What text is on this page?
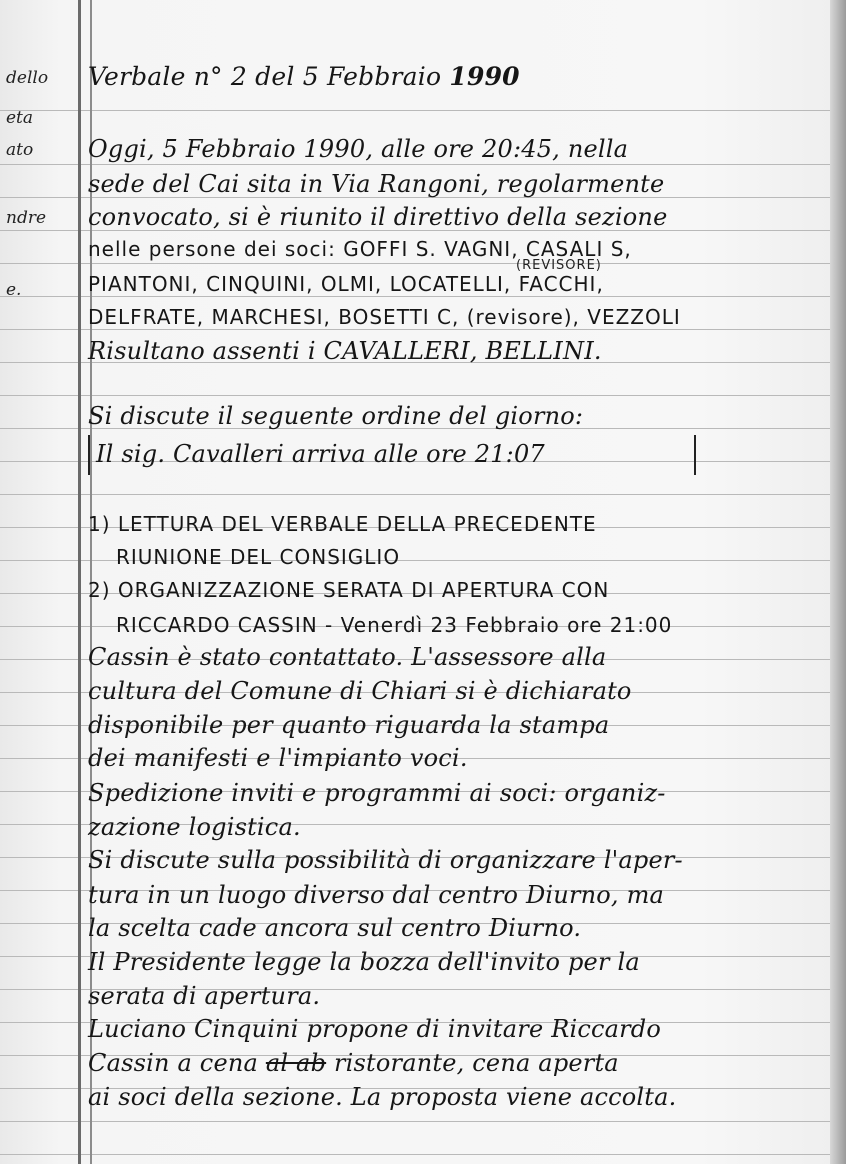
dello
eta
ato
ndre
e.
Verbale n° 2 del 5 Febbraio 1990
Oggi, 5 Febbraio 1990, alle ore 20:45, nella
sede del Cai sita in Via Rangoni, regolarmente
convocato, si è riunito il direttivo della sezione
nelle persone dei soci: GOFFI S. VAGNI, CASALI S,
(REVISORE)
PIANTONI, CINQUINI, OLMI, LOCATELLI, FACCHI,
DELFRATE, MARCHESI, BOSETTI C, (revisore), VEZZOLI
Risultano assenti i CAVALLERI, BELLINI.
Si discute il seguente ordine del giorno:
Il sig. Cavalleri arriva alle ore 21:07
1) LETTURA DEL VERBALE DELLA PRECEDENTE
RIUNIONE DEL CONSIGLIO
2) ORGANIZZAZIONE SERATA DI APERTURA CON
RICCARDO CASSIN - Venerdì 23 Febbraio ore 21:00
Cassin è stato contattato. L'assessore alla
cultura del Comune di Chiari si è dichiarato
disponibile per quanto riguarda la stampa
dei manifesti e l'impianto voci.
Spedizione inviti e programmi ai soci: organiz-
zazione logistica.
Si discute sulla possibilità di organizzare l'aper-
tura in un luogo diverso dal centro Diurno, ma
la scelta cade ancora sul centro Diurno.
Il Presidente legge la bozza dell'invito per la
serata di apertura.
Luciano Cinquini propone di invitare Riccardo
Cassin a cena al ab ristorante, cena aperta
ai soci della sezione. La proposta viene accolta.
